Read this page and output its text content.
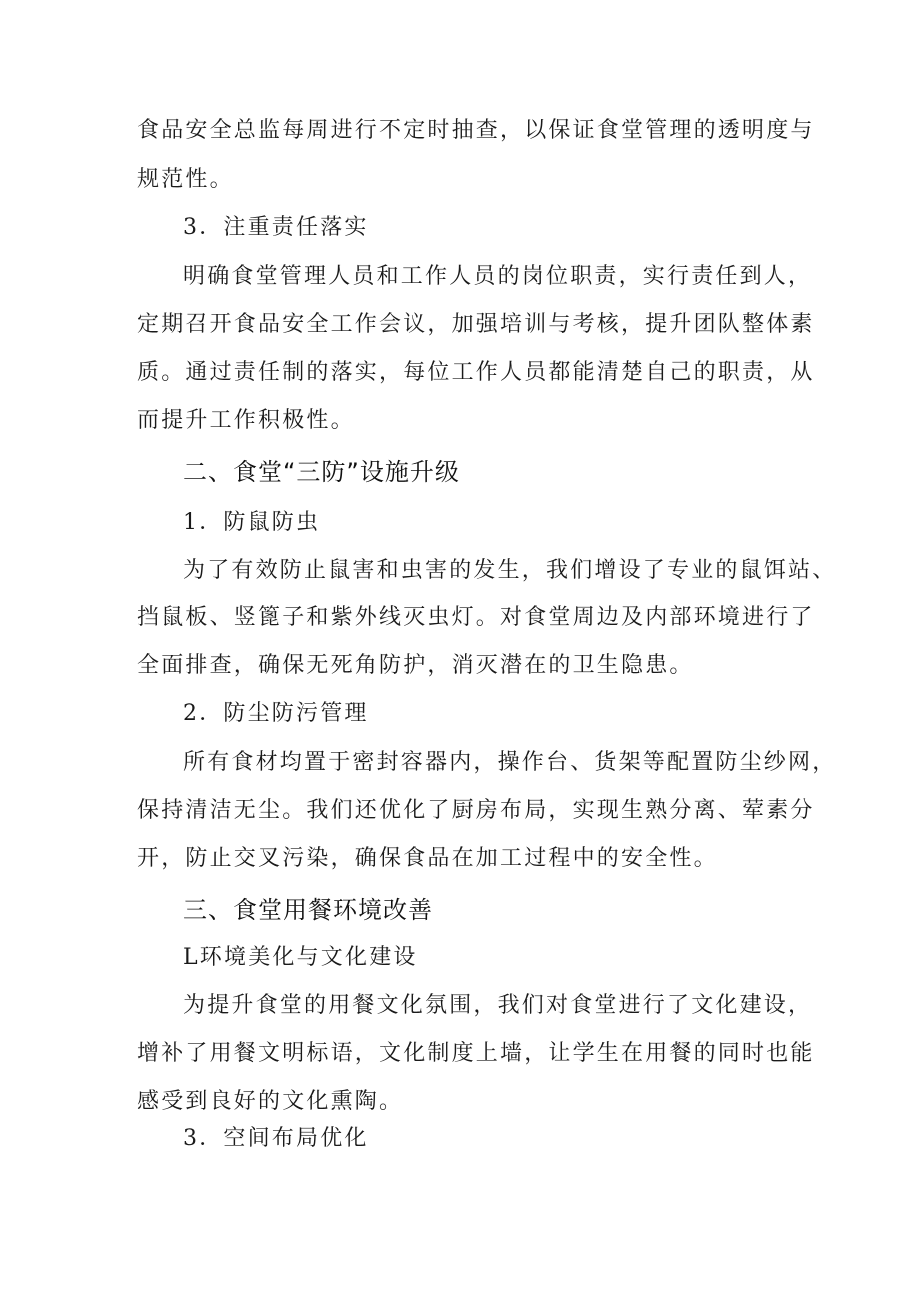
食品安全总监每周进行不定时抽查，以保证食堂管理的透明度与
规范性。
3．注重责任落实
明确食堂管理人员和工作人员的岗位职责，实行责任到人，
定期召开食品安全工作会议，加强培训与考核，提升团队整体素
质。通过责任制的落实，每位工作人员都能清楚自己的职责，从
而提升工作积极性。
二、食堂“三防”设施升级
1．防鼠防虫
为了有效防止鼠害和虫害的发生，我们增设了专业的鼠饵站、
挡鼠板、竖篦子和紫外线灭虫灯。对食堂周边及内部环境进行了
全面排查，确保无死角防护，消灭潜在的卫生隐患。
2．防尘防污管理
所有食材均置于密封容器内，操作台、货架等配置防尘纱网，
保持清洁无尘。我们还优化了厨房布局，实现生熟分离、荤素分
开，防止交叉污染，确保食品在加工过程中的安全性。
三、食堂用餐环境改善
L环境美化与文化建设
为提升食堂的用餐文化氛围，我们对食堂进行了文化建设，
增补了用餐文明标语，文化制度上墙，让学生在用餐的同时也能
感受到良好的文化熏陶。
3．空间布局优化
